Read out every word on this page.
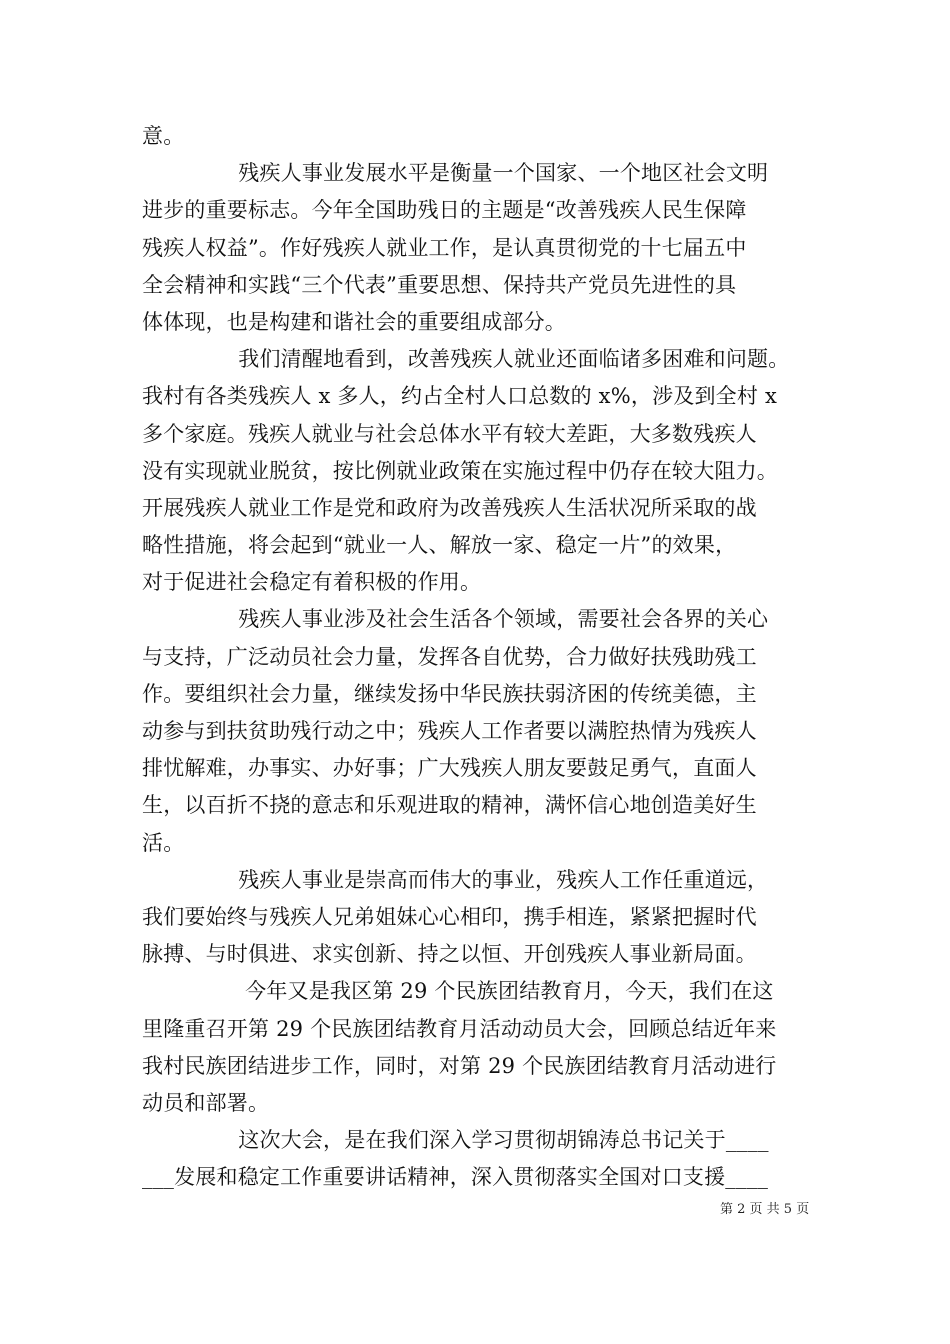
意。
残疾人事业发展水平是衡量一个国家、一个地区社会文明
进步的重要标志。今年全国助残日的主题是“改善残疾人民生保障
残疾人权益”。作好残疾人就业工作，是认真贯彻党的十七届五中
全会精神和实践“三个代表”重要思想、保持共产党员先进性的具
体体现，也是构建和谐社会的重要组成部分。
我们清醒地看到，改善残疾人就业还面临诸多困难和问题。
我村有各类残疾人 x 多人，约占全村人口总数的 x%，涉及到全村 x
多个家庭。残疾人就业与社会总体水平有较大差距，大多数残疾人
没有实现就业脱贫，按比例就业政策在实施过程中仍存在较大阻力。
开展残疾人就业工作是党和政府为改善残疾人生活状况所采取的战
略性措施，将会起到“就业一人、解放一家、稳定一片”的效果，
对于促进社会稳定有着积极的作用。
残疾人事业涉及社会生活各个领域，需要社会各界的关心
与支持，广泛动员社会力量，发挥各自优势，合力做好扶残助残工
作。要组织社会力量，继续发扬中华民族扶弱济困的传统美德，主
动参与到扶贫助残行动之中；残疾人工作者要以满腔热情为残疾人
排忧解难，办事实、办好事；广大残疾人朋友要鼓足勇气，直面人
生，以百折不挠的意志和乐观进取的精神，满怀信心地创造美好生
活。
残疾人事业是崇高而伟大的事业，残疾人工作任重道远，
我们要始终与残疾人兄弟姐妹心心相印，携手相连，紧紧把握时代
脉搏、与时俱进、求实创新、持之以恒、开创残疾人事业新局面。
今年又是我区第 29 个民族团结教育月，今天，我们在这
里隆重召开第 29 个民族团结教育月活动动员大会，回顾总结近年来
我村民族团结进步工作，同时，对第 29 个民族团结教育月活动进行
动员和部署。
这次大会，是在我们深入学习贯彻胡锦涛总书记关于____
___发展和稳定工作重要讲话精神，深入贯彻落实全国对口支援____
第 2 页 共 5 页
